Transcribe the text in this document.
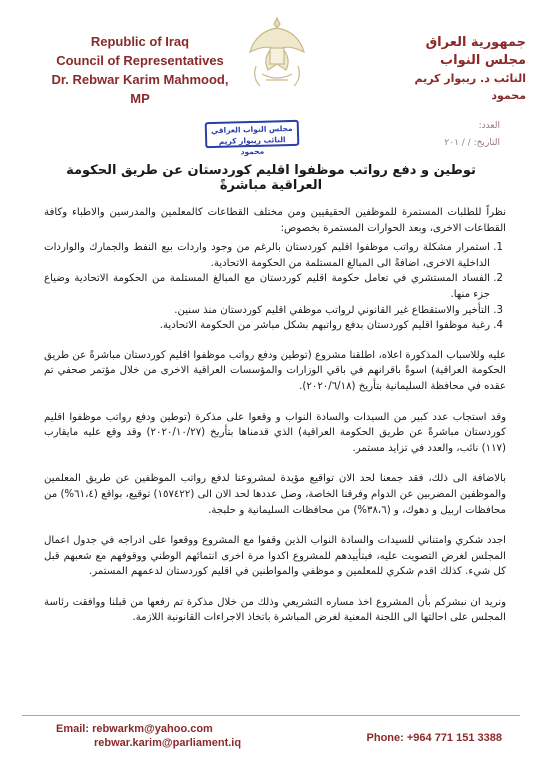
Republic of Iraq
Council of Representatives
Dr. Rebwar Karim Mahmood, MP
جمهورية العراق
مجلس النواب
النائب د. ريبوار كريم محمود
العدد:
التاريخ: / / ٢٠١
مجلس النواب العراقي
النائب ريبوار كريم محمود
توطين و دفع رواتب موظفوا اقليم كوردستان عن طريق الحكومة العراقية مباشرةً

نظراً للطلبات المستمرة للموظفين الحقيقيين ومن مختلف القطاعات كالمعلمين والمدرسين والاطباء وكافة القطاعات الاخرى، وبعد الحوارات المستمرة بخصوص:

1. استمرار مشكلة رواتب موظفوا اقليم كوردستان بالرغم من وجود واردات بيع النفط والجمارك والواردات الداخلية الاخرى، اضافةً الى المبالغ المستلمة من الحكومة الاتحادية.
2. الفساد المستشري في تعامل حكومة اقليم كوردستان مع المبالغ المستلمة من الحكومة الاتحادية وضياع جزء منها.
3. التأخير والاستقطاع غير القانوني لرواتب موظفي اقليم كوردستان منذ سنين.
4. رغبة موظفوا اقليم كوردستان بدفع رواتبهم بشكل مباشر من الحكومة الاتحادية.

عليه وللاسباب المذكورة اعلاه، اطلقنا مشروع (توطين ودفع رواتب موظفوا اقليم كوردستان مباشرةً عن طريق الحكومة العراقية) اسوةً باقرانهم في باقي الوزارات والمؤسسات العراقية الاخرى من خلال مؤتمر صحفي تم عقده في محافظة السليمانية بتأريخ (٢٠٢٠/٦/١٨).

وقد استجاب عدد كبير من السيدات والسادة النواب و وقعوا على مذكرة (توطين ودفع رواتب موظفوا اقليم كوردستان مباشرةً عن طريق الحكومة العراقية) الذي قدمناها بتأريخ (٢٠٢٠/١٠/٢٧) وقد وقع عليه مايقارب (١١٧) نائب، والعدد في تزايد مستمر.

بالاضافة الى ذلك، فقد جمعنا لحد الان تواقيع مؤيدة لمشروعنا لدفع رواتب الموظفين عن طريق المعلمين والموظفين المضربين عن الدوام وفرقنا الخاصة، وصل عددها لحد الان الى (١٥٧٤٢٢) توقيع، بواقع (٦١،٤%) من محافظات اربيل و دهوك، و (٣٨،٦%) من محافظات السليمانية و حلبجة.

اجدد شكري وامتناني للسيدات والسادة النواب الذين وقفوا مع المشروع ووقعوا على ادراجه في جدول اعمال المجلس لغرض التصويت عليه، فبتأييدهم للمشروع اكدوا مرة اخرى انتمائهم الوطني ووقوفهم مع شعبهم قبل كل شيء. كذلك اقدم شكري للمعلمين و موظفي والمواطنين في اقليم كوردستان لدعمهم المستمر.

ونريد ان نبشركم بأن المشروع اخذ مساره التشريعي وذلك من خلال مذكرة تم رفعها من قبلنا ووافقت رئاسة المجلس على احالتها الى اللجنة المعنية لغرض المباشرة باتخاذ الاجراءات القانونية اللازمة.

Email: rebwarkm@yahoo.com
rebwar.karim@parliament.iq	Phone: +964 771 151 3388
